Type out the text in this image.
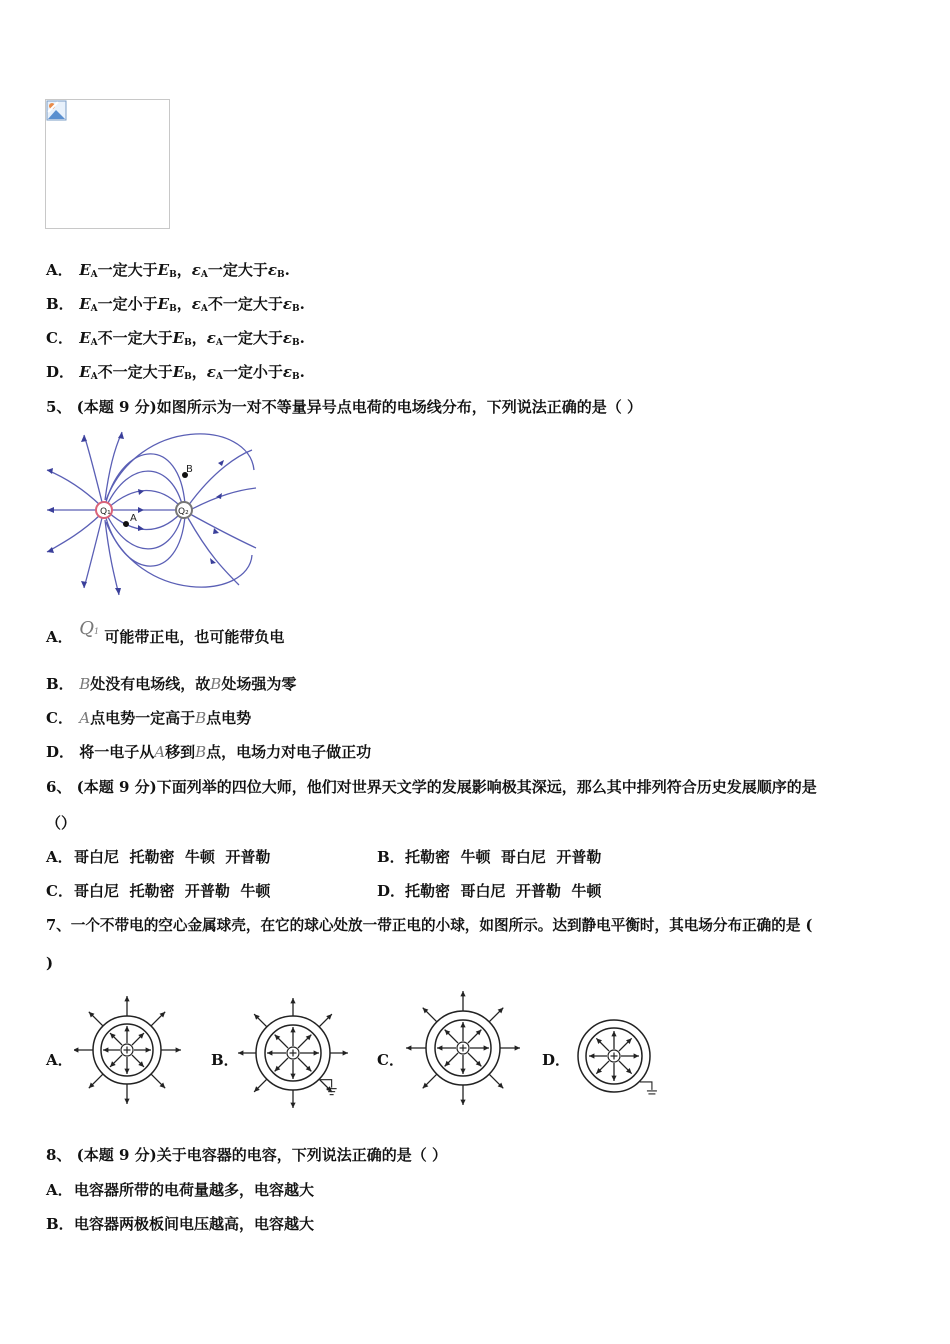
A． $E_A$一定大于$E_B$，$\varepsilon_A$一定大于$\varepsilon_B$.
B． $E_A$一定小于$E_B$，$\varepsilon_A$不一定大于$\varepsilon_B$.
C． $E_A$不一定大于$E_B$，$\varepsilon_A$一定大于$\varepsilon_B$.
D． $E_A$不一定大于$E_B$，$\varepsilon_A$一定小于$\varepsilon_B$.
5、 (本题 9 分)如图所示为一对不等量异号点电荷的电场线分布，下列说法正确的是（ ）
Q₁	Q₂
A
B
A． Q1 可能带正电，也可能带负电
B． B处没有电场线，故B处场强为零
C． A点电势一定高于B点电势
D． 将一电子从A移到B点，电场力对电子做正功
6、 (本题 9 分)下面列举的四位大师，他们对世界天文学的发展影响极其深远，那么其中排列符合历史发展顺序的是
（）
A．哥白尼  托勒密  牛顿  开普勒	B．托勒密  牛顿  哥白尼  开普勒
C．哥白尼  托勒密  开普勒  牛顿	D．托勒密  哥白尼  开普勒  牛顿
7、一个不带电的空心金属球壳，在它的球心处放一带正电的小球，如图所示。达到静电平衡时，其电场分布正确的是 (
)
A．	B．	C．	D．
8、 (本题 9 分)关于电容器的电容，下列说法正确的是（ ）
A．电容器所带的电荷量越多，电容越大
B．电容器两极板间电压越高，电容越大
